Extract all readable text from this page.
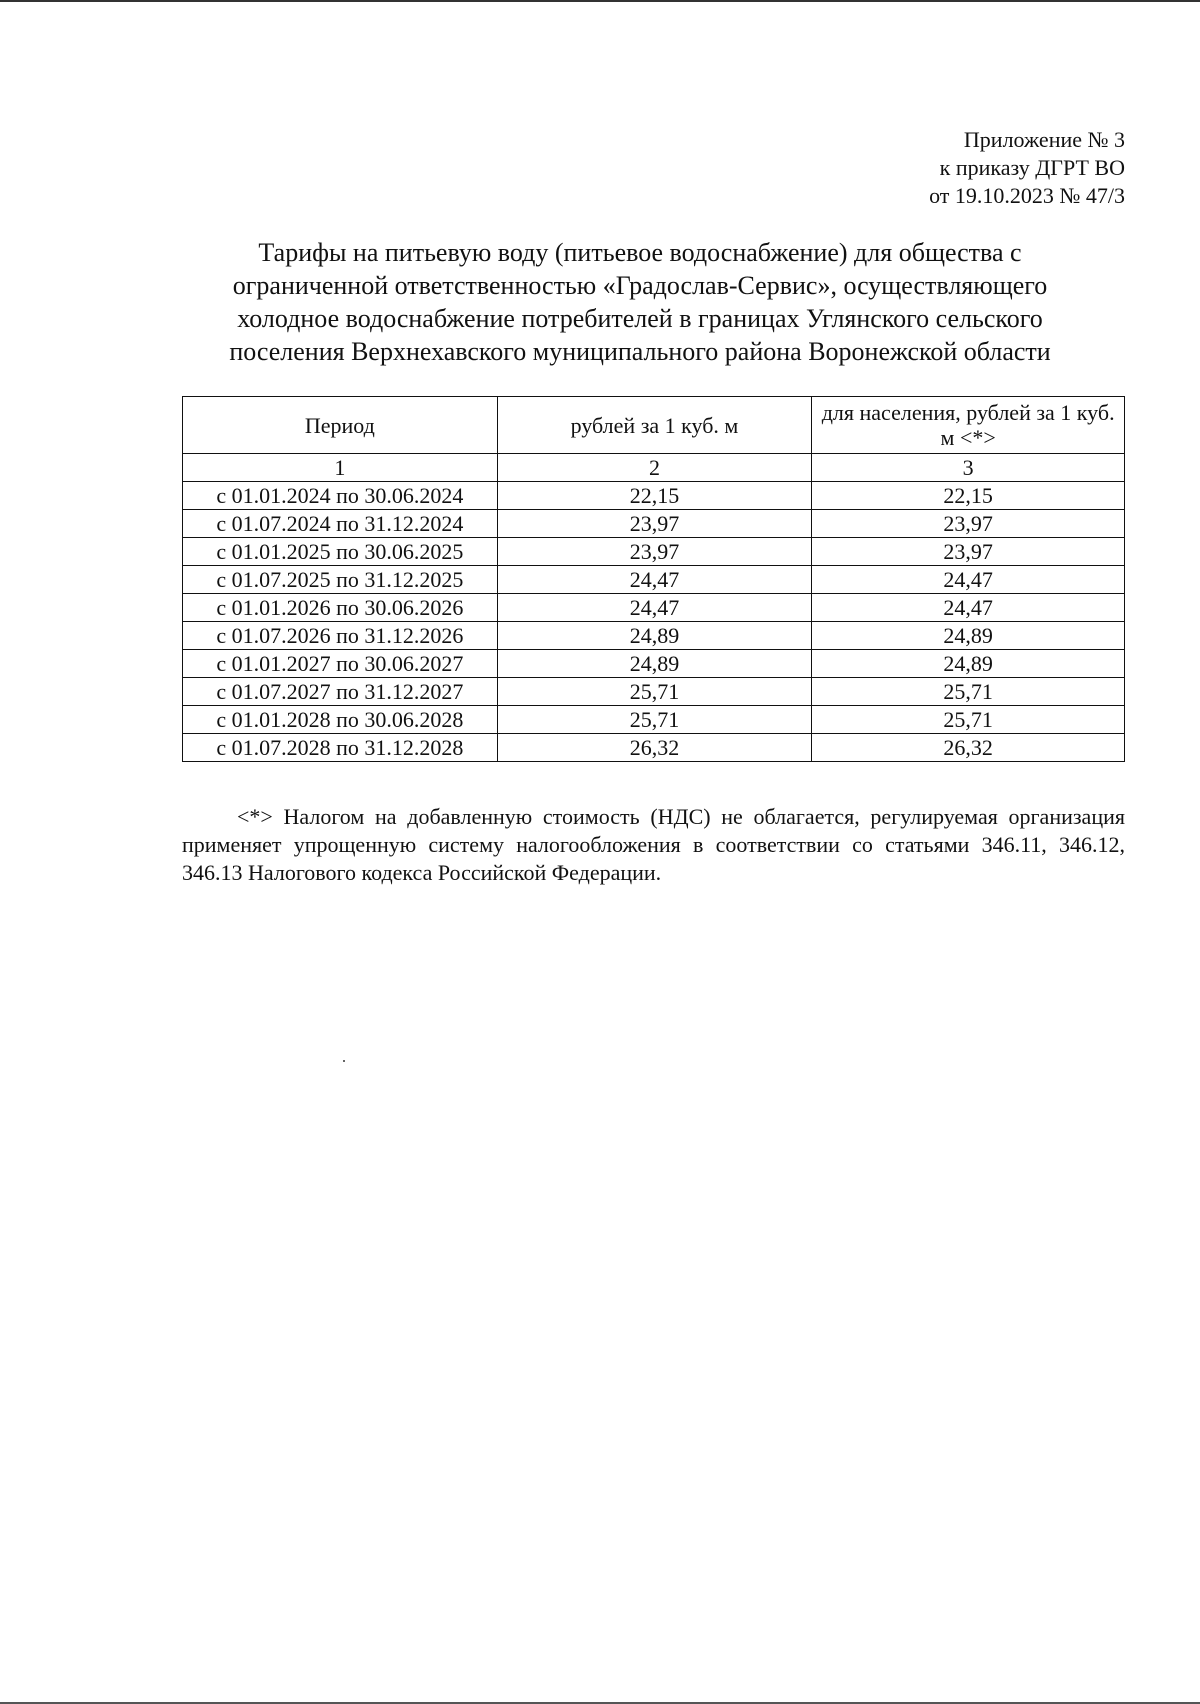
Приложение № 3
к приказу ДГРТ ВО
от 19.10.2023 № 47/3
Тарифы на питьевую воду (питьевое водоснабжение) для общества с
ограниченной ответственностью «Градослав-Сервис», осуществляющего
холодное водоснабжение потребителей в границах Углянского сельского
поселения Верхнехавского муниципального района Воронежской области
Период	рублей за 1 куб. м	для населения, рублей за 1 куб. м <*>
1	2	3
с 01.01.2024 по 30.06.2024	22,15	22,15
с 01.07.2024 по 31.12.2024	23,97	23,97
с 01.01.2025 по 30.06.2025	23,97	23,97
с 01.07.2025 по 31.12.2025	24,47	24,47
с 01.01.2026 по 30.06.2026	24,47	24,47
с 01.07.2026 по 31.12.2026	24,89	24,89
с 01.01.2027 по 30.06.2027	24,89	24,89
с 01.07.2027 по 31.12.2027	25,71	25,71
с 01.01.2028 по 30.06.2028	25,71	25,71
с 01.07.2028 по 31.12.2028	26,32	26,32
<*> Налогом на добавленную стоимость (НДС) не облагается, регулируемая организация применяет упрощенную систему налогообложения в соответствии со статьями 346.11, 346.12, 346.13 Налогового кодекса Российской Федерации.
